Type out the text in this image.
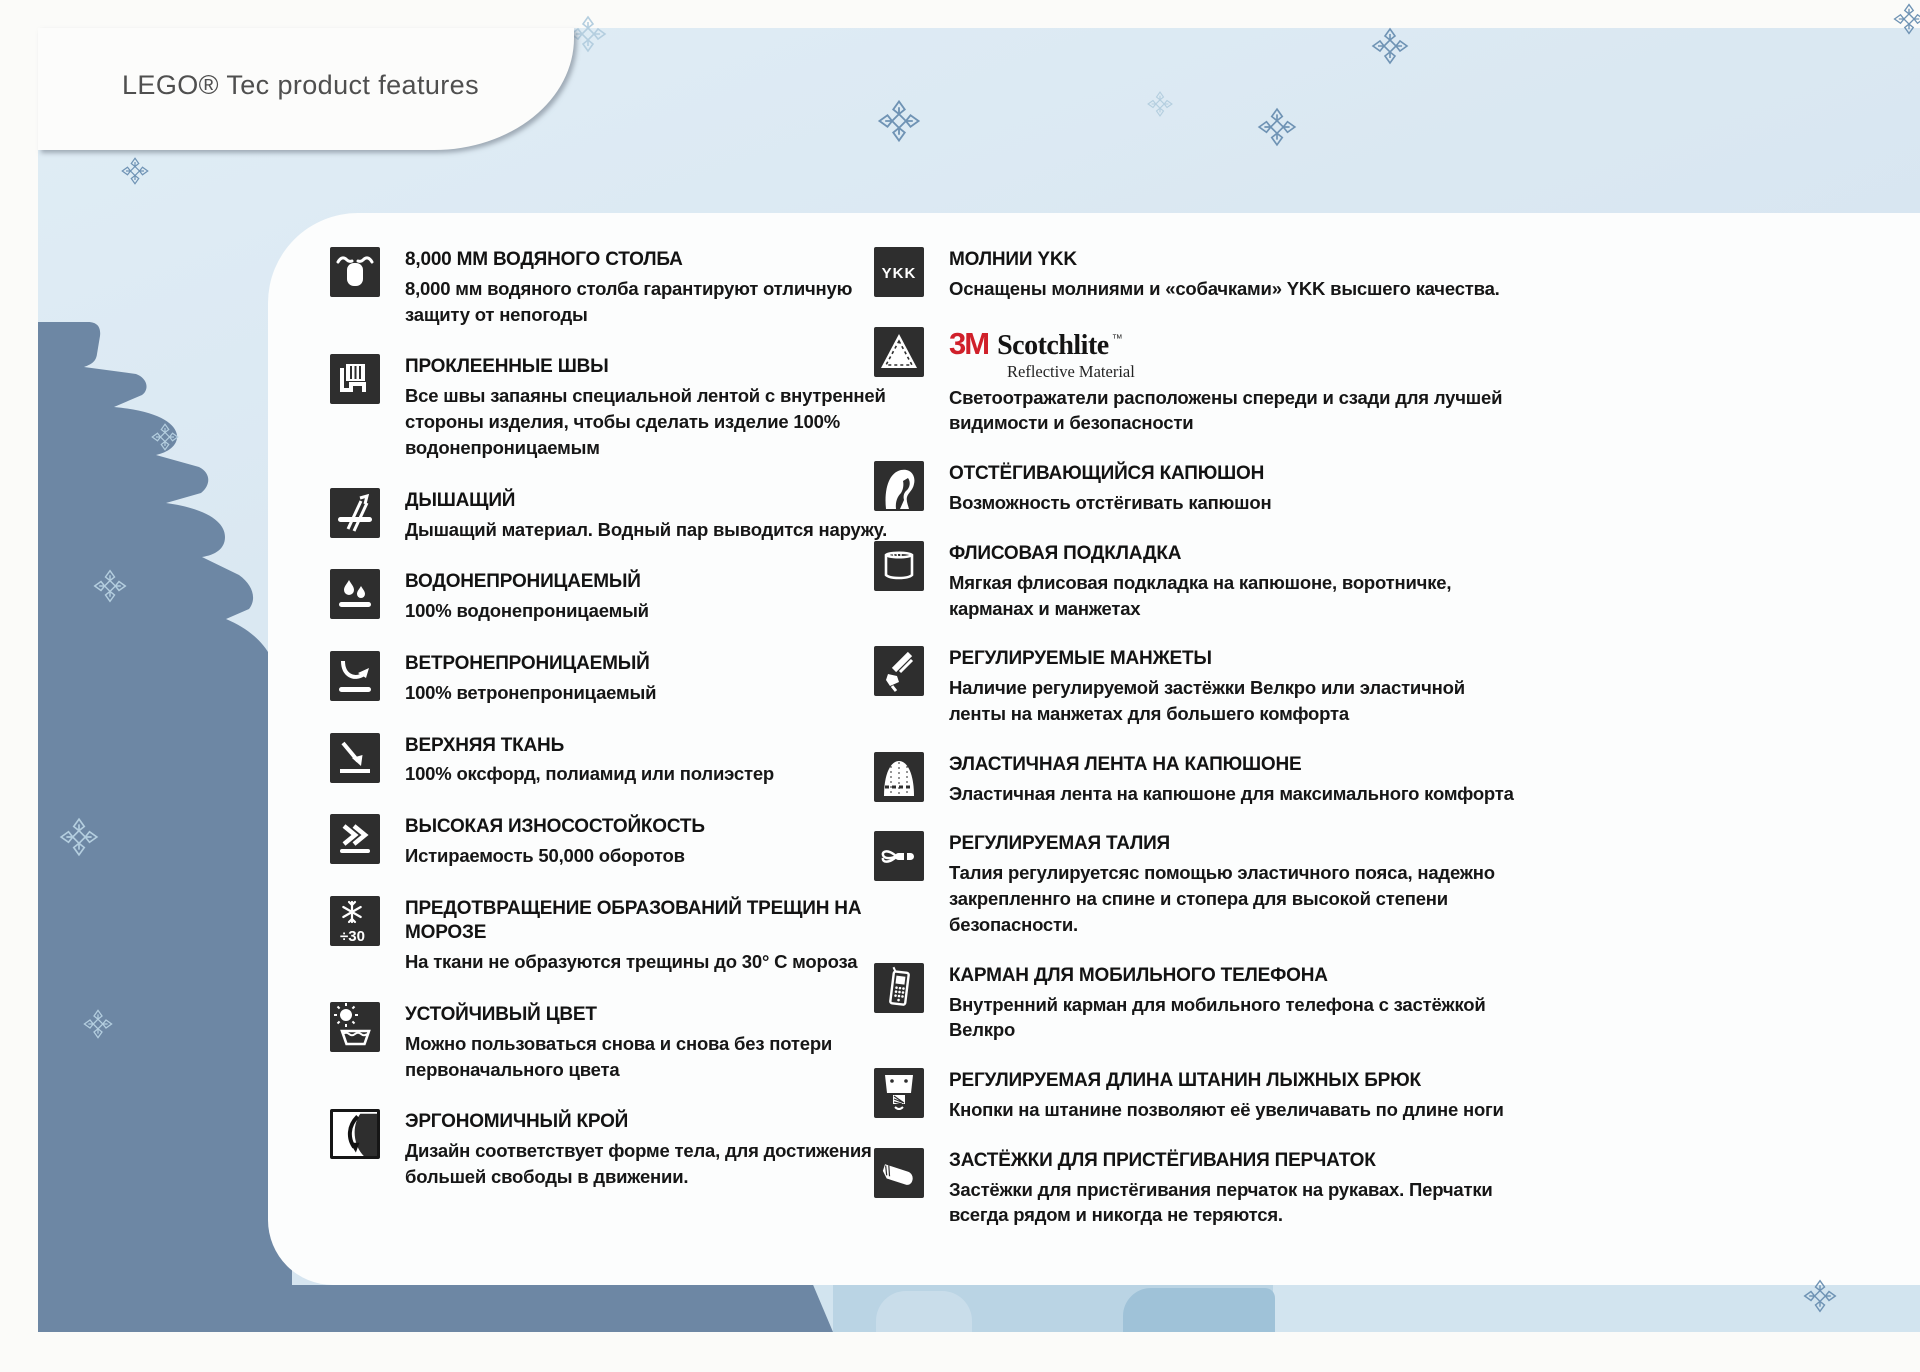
8,000 ММ ВОДЯНОГО СТОЛБА
8,000 мм водяного столба гарантируют отличную защиту от непогоды
ПРОКЛЕЕННЫЕ ШВЫ
Все швы запаяны специальной лентой с внутренней стороны изделия, чтобы сделать изделие 100% водонепроницаемым
ДЫШАЩИЙ
Дышащий материал. Водный пар выводится наружу.
ВОДОНЕПРОНИЦАЕМЫЙ
100% водонепроницаемый
ВЕТРОНЕПРОНИЦАЕМЫЙ
100% ветронепроницаемый
ВЕРХНЯЯ ТКАНЬ
100% оксфорд, полиамид или полиэстер
ВЫСОКАЯ ИЗНОСОСТОЙКОСТЬ
Истираемость 50,000 оборотов
÷30
ПРЕДОТВРАЩЕНИЕ ОБРАЗОВАНИЙ ТРЕЩИН НА МОРОЗЕ
На ткани не образуются трещины до 30° С мороза
УСТОЙЧИВЫЙ ЦВЕТ
Можно пользоваться снова и снова без потери первоначального цвета
ЭРГОНОМИЧНЫЙ КРОЙ
Дизайн соответствует форме тела, для достижения большей свободы в движении.
YKK
МОЛНИИ YKK
Оснащены молниями и «собачками» YKK высшего качества.
3M Scotchlite ™
Reflective Material
Светоотражатели расположены спереди и сзади для лучшей видимости и безопасности
ОТСТЁГИВАЮЩИЙСЯ КАПЮШОН
Возможность отстёгивать капюшон
ФЛИСОВАЯ ПОДКЛАДКА
Мягкая флисовая подкладка на капюшоне, воротничке, карманах и манжетах
РЕГУЛИРУЕМЫЕ МАНЖЕТЫ
Наличие регулируемой застёжки Велкро или эластичной ленты на манжетах для большего комфорта
ЭЛАСТИЧНАЯ ЛЕНТА НА КАПЮШОНЕ
Эластичная лента на капюшоне для максимального комфорта
РЕГУЛИРУЕМАЯ ТАЛИЯ
Талия регулируетсяс помощью эластичного пояса, надежно закрепленнго на спине и стопера для высокой степени безопасности.
КАРМАН ДЛЯ МОБИЛЬНОГО ТЕЛЕФОНА
Внутренний карман для мобильного телефона с застёжкой Велкро
РЕГУЛИРУЕМАЯ ДЛИНА ШТАНИН ЛЫЖНЫХ БРЮК
Кнопки на штанине позволяют её увеличавать по длине ноги
ЗАСТЁЖКИ ДЛЯ ПРИСТЁГИВАНИЯ ПЕРЧАТОК
Застёжки для пристёгивания перчаток на рукавах. Перчатки всегда рядом и никогда не теряются.
LEGO® Tec product features
